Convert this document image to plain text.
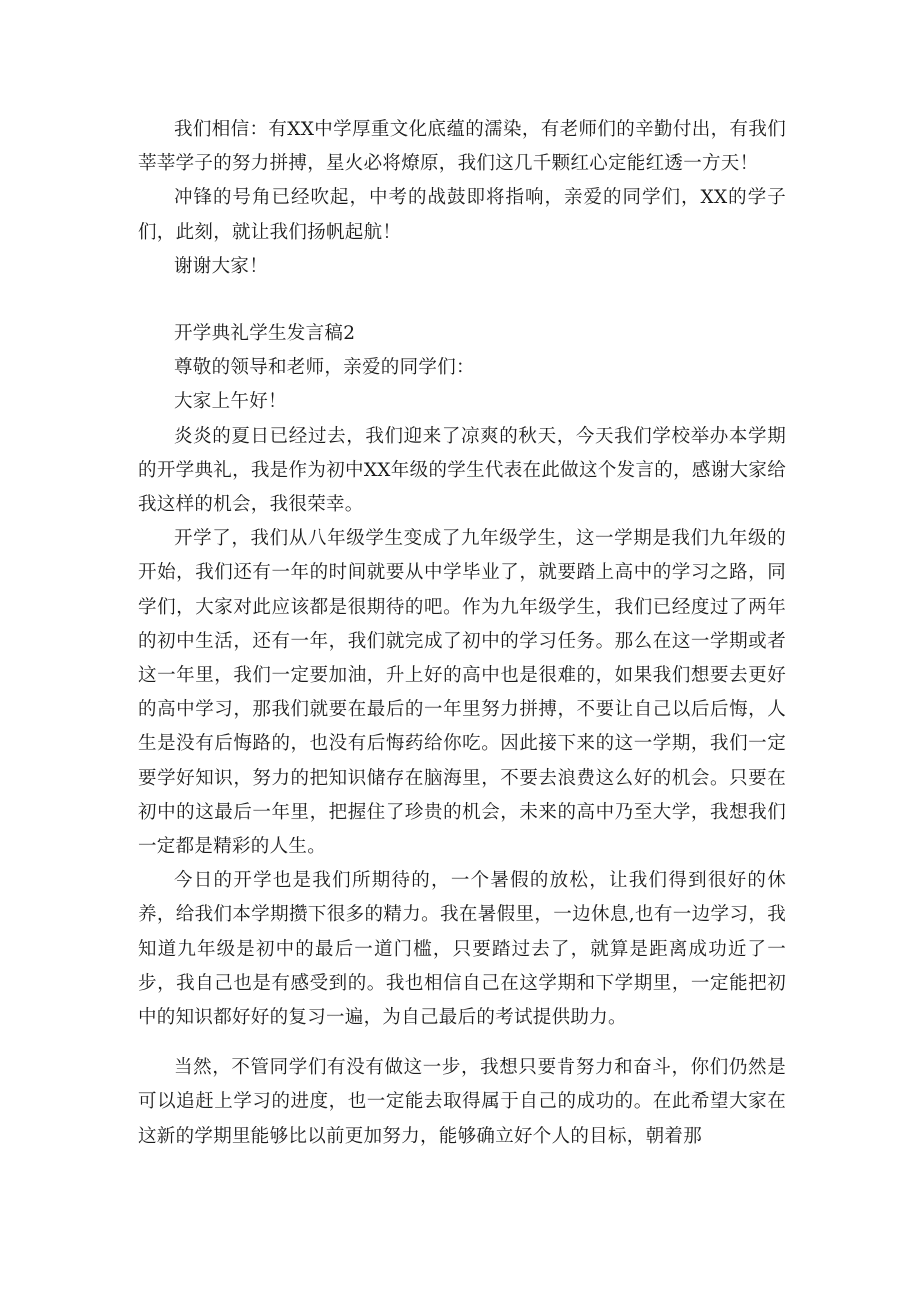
我们相信：有XX中学厚重文化底蕴的濡染，有老师们的辛勤付出，有我们莘莘学子的努力拼搏，星火必将燎原，我们这几千颗红心定能红透一方天！

冲锋的号角已经吹起，中考的战鼓即将指响，亲爱的同学们，XX的学子们，此刻，就让我们扬帆起航！

谢谢大家！

开学典礼学生发言稿2

尊敬的领导和老师，亲爱的同学们：

大家上午好！

炎炎的夏日已经过去，我们迎来了凉爽的秋天，今天我们学校举办本学期的开学典礼，我是作为初中XX年级的学生代表在此做这个发言的，感谢大家给我这样的机会，我很荣幸。

开学了，我们从八年级学生变成了九年级学生，这一学期是我们九年级的开始，我们还有一年的时间就要从中学毕业了，就要踏上高中的学习之路，同学们，大家对此应该都是很期待的吧。作为九年级学生，我们已经度过了两年的初中生活，还有一年，我们就完成了初中的学习任务。那么在这一学期或者这一年里，我们一定要加油，升上好的高中也是很难的，如果我们想要去更好的高中学习，那我们就要在最后的一年里努力拼搏，不要让自己以后后悔，人生是没有后悔路的，也没有后悔药给你吃。因此接下来的这一学期，我们一定要学好知识，努力的把知识储存在脑海里，不要去浪费这么好的机会。只要在初中的这最后一年里，把握住了珍贵的机会，未来的高中乃至大学，我想我们一定都是精彩的人生。

今日的开学也是我们所期待的，一个暑假的放松，让我们得到很好的休养，给我们本学期攒下很多的精力。我在暑假里，一边休息,也有一边学习，我知道九年级是初中的最后一道门槛，只要踏过去了，就算是距离成功近了一步，我自己也是有感受到的。我也相信自己在这学期和下学期里，一定能把初中的知识都好好的复习一遍，为自己最后的考试提供助力。

当然，不管同学们有没有做这一步，我想只要肯努力和奋斗，你们仍然是可以追赶上学习的进度，也一定能去取得属于自己的成功的。在此希望大家在这新的学期里能够比以前更加努力，能够确立好个人的目标，朝着那
